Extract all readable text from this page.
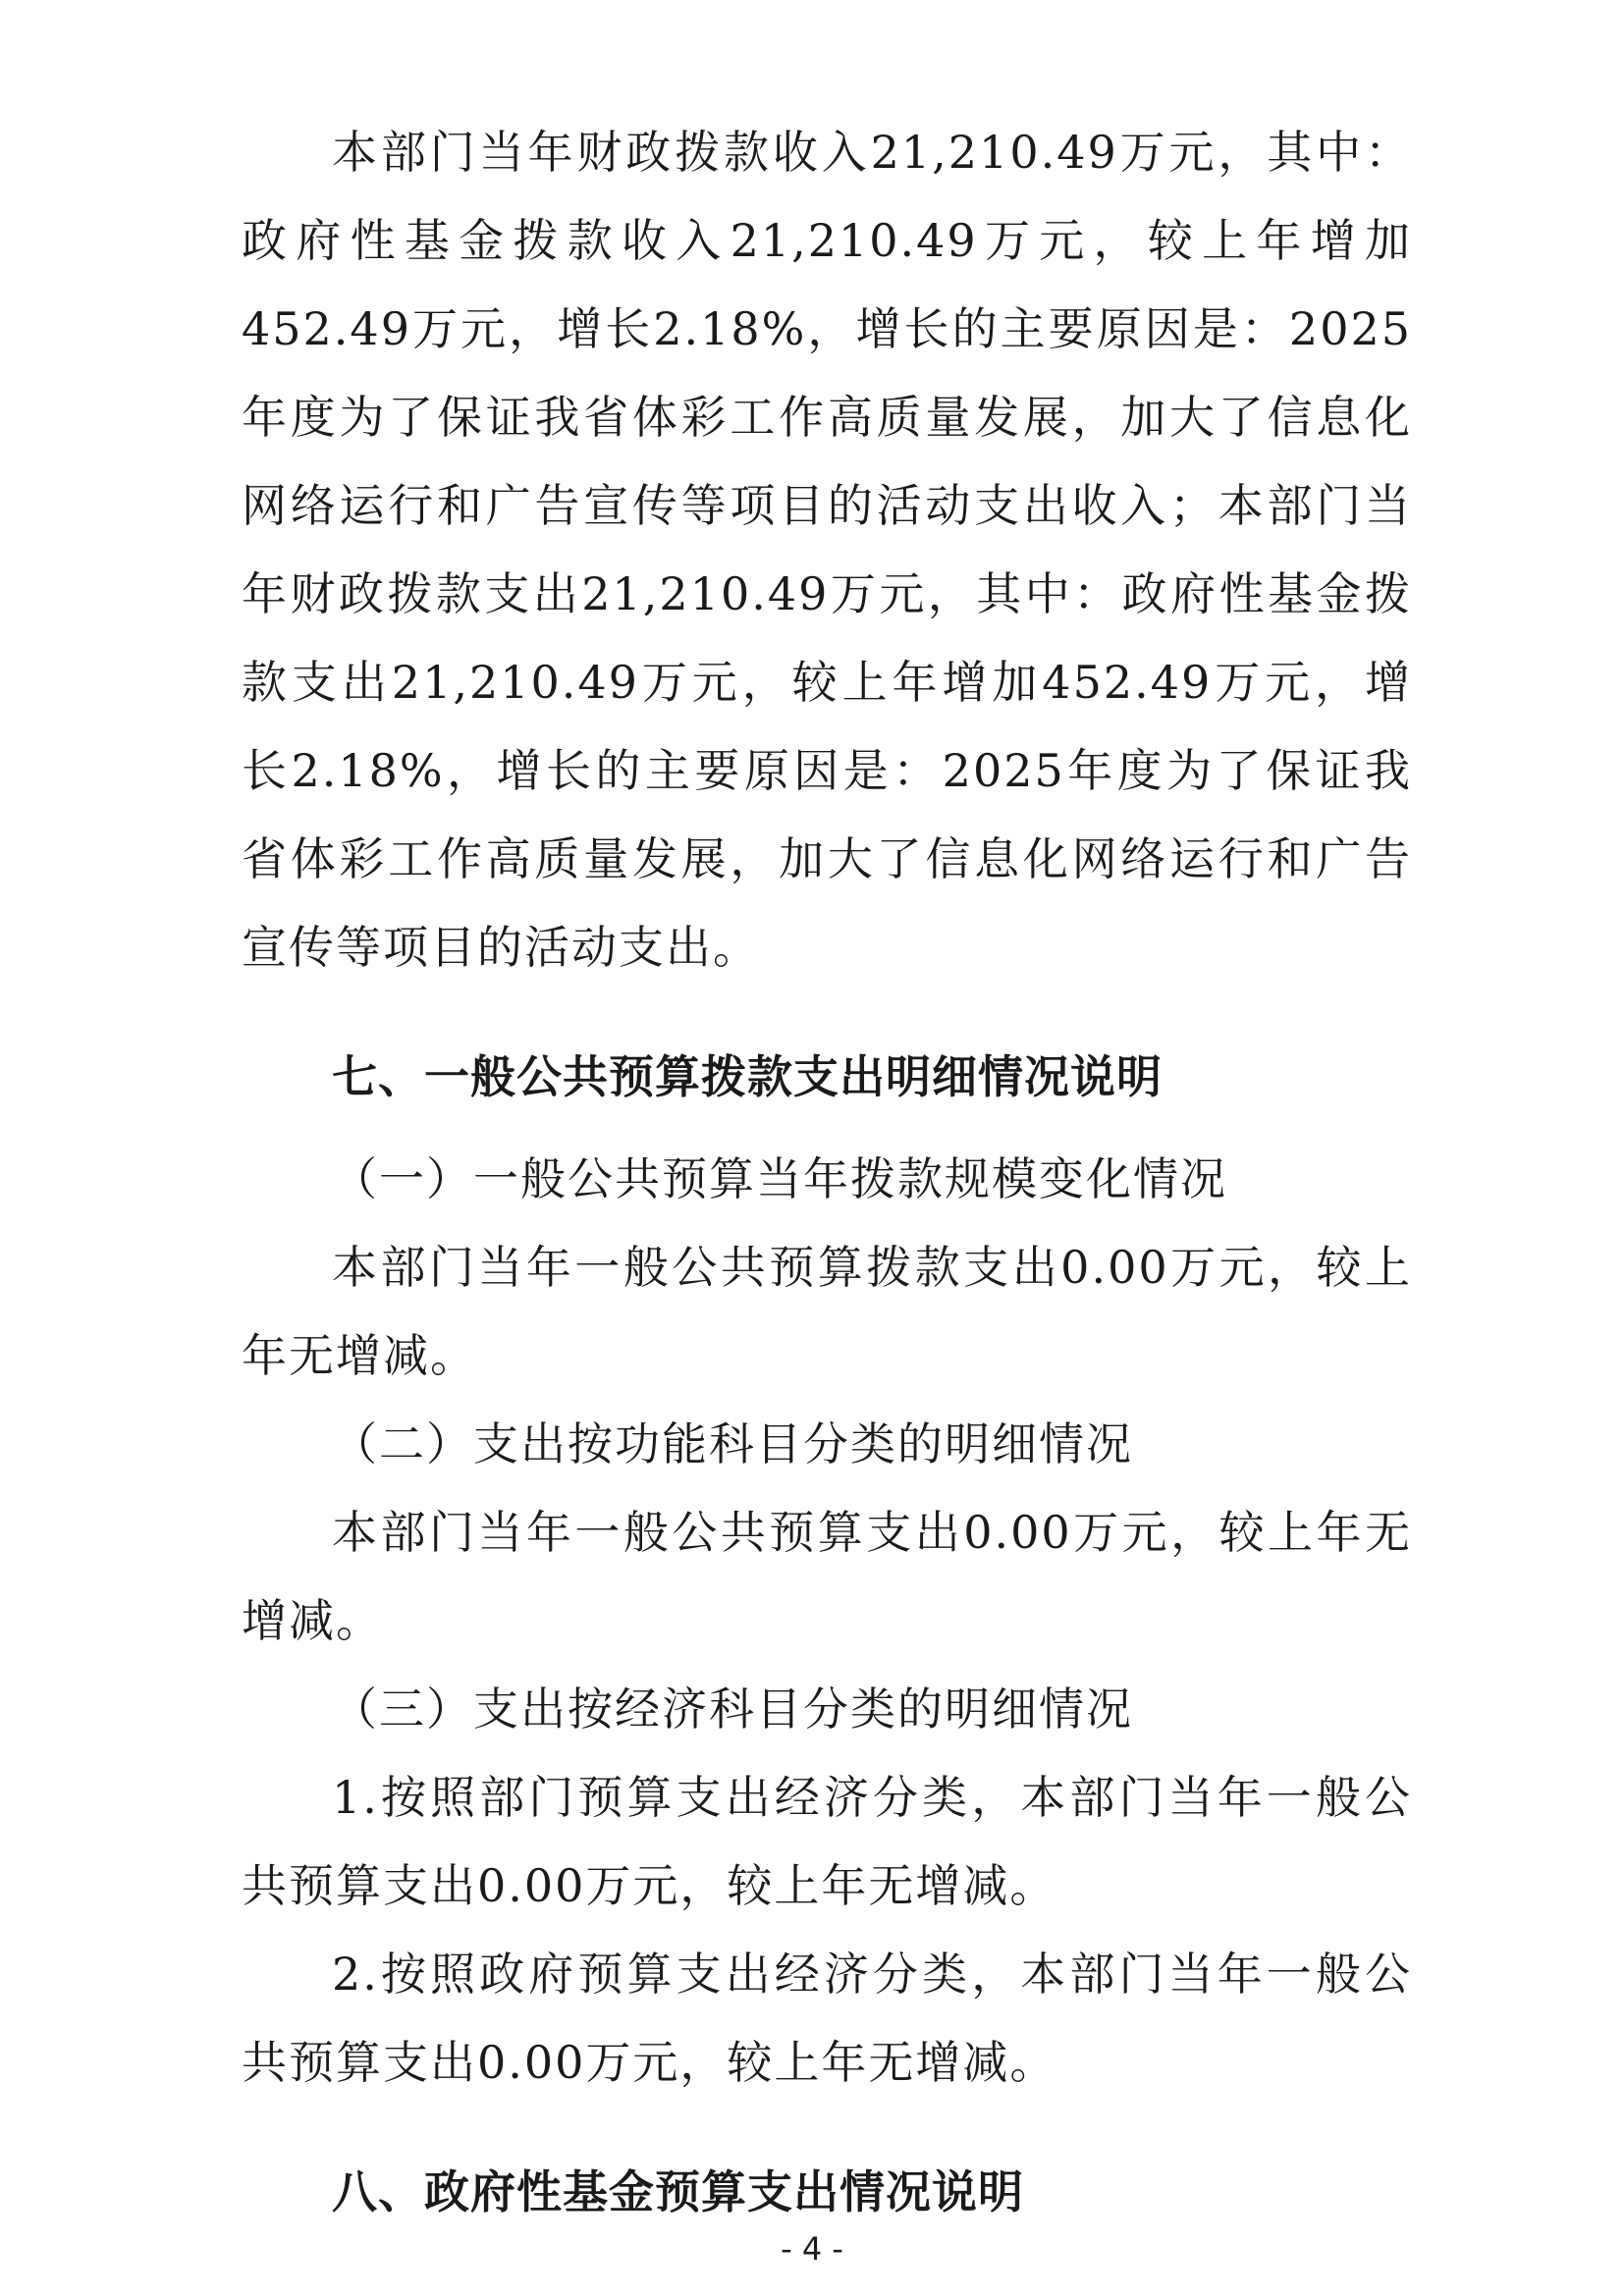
本部门当年财政拨款收入21,210.49万元，其中：政府性基金拨款收入21,210.49万元，较上年增加452.49万元，增长2.18%，增长的主要原因是：2025年度为了保证我省体彩工作高质量发展，加大了信息化网络运行和广告宣传等项目的活动支出收入；本部门当年财政拨款支出21,210.49万元，其中：政府性基金拨款支出21,210.49万元，较上年增加452.49万元，增长2.18%，增长的主要原因是：2025年度为了保证我省体彩工作高质量发展，加大了信息化网络运行和广告宣传等项目的活动支出。

七、一般公共预算拨款支出明细情况说明

（一）一般公共预算当年拨款规模变化情况

本部门当年一般公共预算拨款支出0.00万元，较上年无增减。

（二）支出按功能科目分类的明细情况

本部门当年一般公共预算支出0.00万元，较上年无增减。

（三）支出按经济科目分类的明细情况

1.按照部门预算支出经济分类，本部门当年一般公共预算支出0.00万元，较上年无增减。

2.按照政府预算支出经济分类，本部门当年一般公共预算支出0.00万元，较上年无增减。

八、政府性基金预算支出情况说明

- 4 -
